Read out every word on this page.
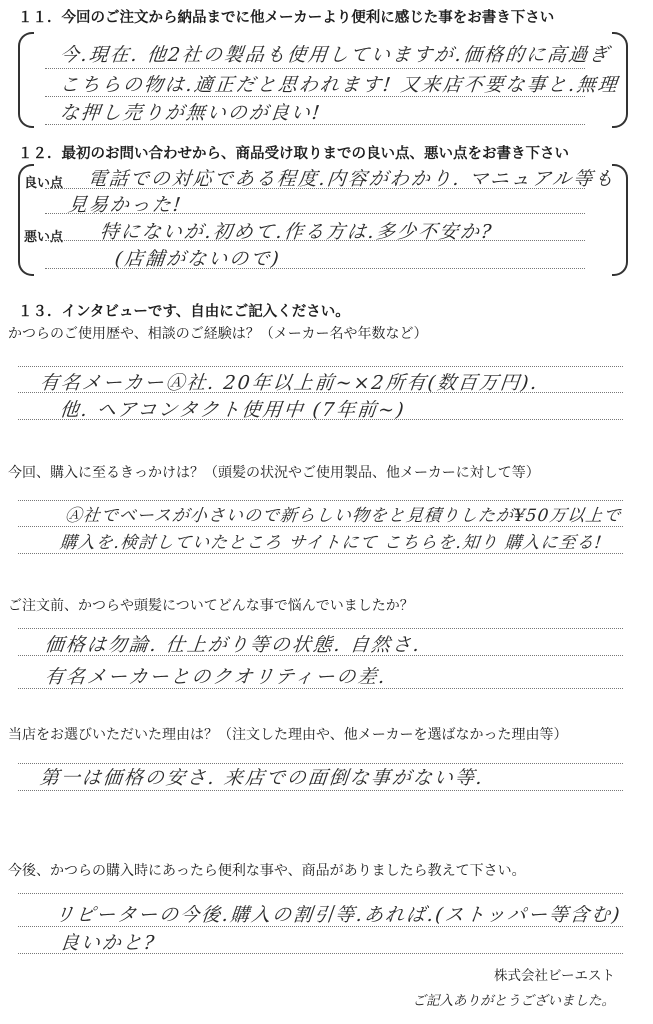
１１．今回のご注文から納品までに他メーカーより便利に感じた事をお書き下さい
今.現在. 他2社の製品も使用していますが.価格的に高過ぎ
こちらの物は.適正だと思われます! 又来店不要な事と.無理
な押し売りが無いのが良い!
１２．最初のお問い合わせから、商品受け取りまでの良い点、悪い点をお書き下さい
良い点
悪い点
電話での対応である程度.内容がわかり. マニュアル等も
見易かった!
特にないが.初めて.作る方は.多少不安か?
(店舗がないので)
１３．インタビューです、自由にご記入ください。
かつらのご使用歴や、相談のご経験は？（メーカー名や年数など）
有名メーカーⒶ社. 20年以上前~×2所有(数百万円).
他. ヘアコンタクト使用中 (7年前~)
今回、購入に至るきっかけは？（頭髪の状況やご使用製品、他メーカーに対して等）
Ⓐ社でベースが小さいので新らしい物をと見積りしたが¥50万以上で
購入を.検討していたところ サイトにて こちらを.知り 購入に至る!
ご注文前、かつらや頭髪についてどんな事で悩んでいましたか？
価格は勿論. 仕上がり等の状態. 自然さ.
有名メーカーとのクオリティーの差.
当店をお選びいただいた理由は？（注文した理由や、他メーカーを選ばなかった理由等）
第一は価格の安さ. 来店での面倒な事がない等.
今後、かつらの購入時にあったら便利な事や、商品がありましたら教えて下さい。
リピーターの今後.購入の割引等.あれば.(ストッパー等含む)
良いかと?
株式会社ビーエスト
ご記入ありがとうございました。
